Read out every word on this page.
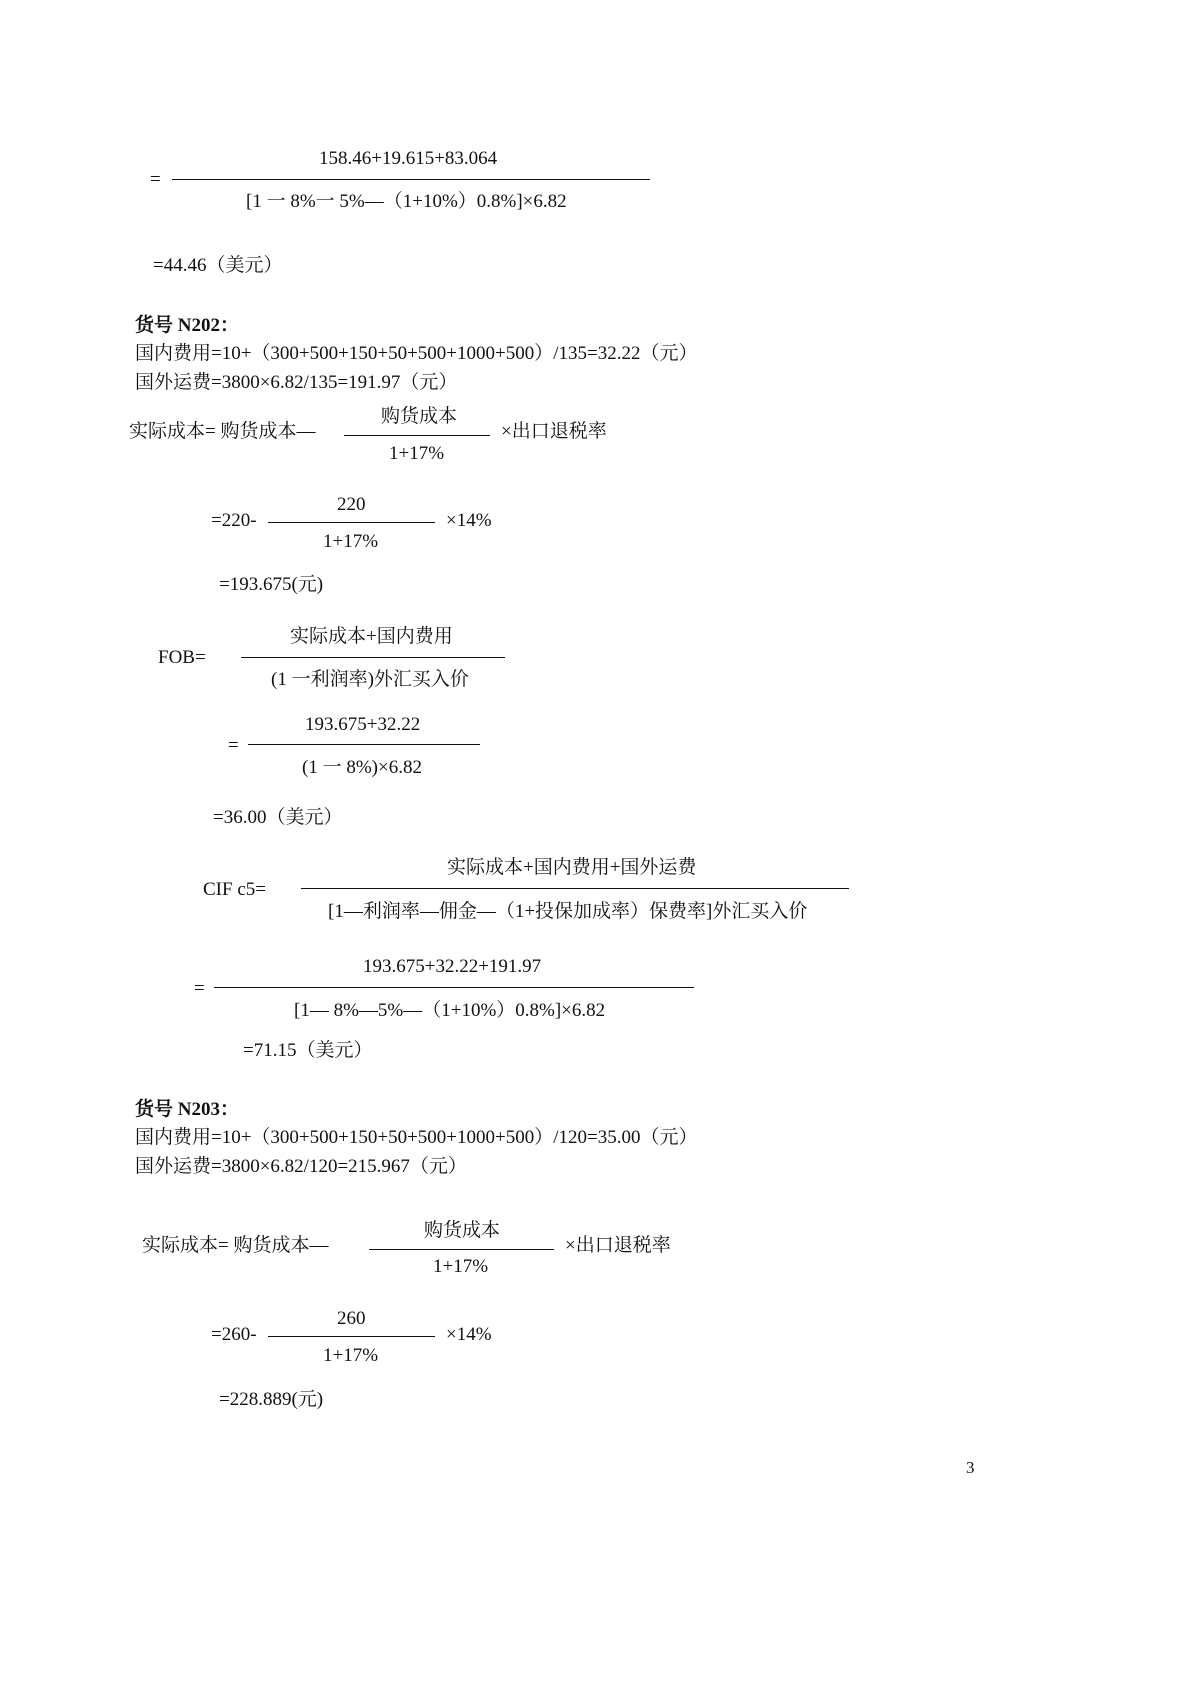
158.46+19.615+83.064
=
[1 一 8%一 5%—（1+10%）0.8%]×6.82
=44.46（美元）
货号 N202：
国内费用=10+（300+500+150+50+500+1000+500）/135=32.22（元）
国外运费=3800×6.82/135=191.97（元）
购货成本
实际成本= 购货成本—	×出口退税率
1+17%
220
=220-	×14%
1+17%
=193.675(元)
实际成本+国内费用
FOB=
(1 一利润率)外汇买入价
193.675+32.22
=
(1 一 8%)×6.82
=36.00（美元）
实际成本+国内费用+国外运费
CIF c5=
[1—利润率—佣金—（1+投保加成率）保费率]外汇买入价
193.675+32.22+191.97
=
[1— 8%—5%—（1+10%）0.8%]×6.82
=71.15（美元）
货号 N203：
国内费用=10+（300+500+150+50+500+1000+500）/120=35.00（元）
国外运费=3800×6.82/120=215.967（元）
购货成本
实际成本= 购货成本—	×出口退税率
1+17%
260
=260-	×14%
1+17%
=228.889(元)
3
